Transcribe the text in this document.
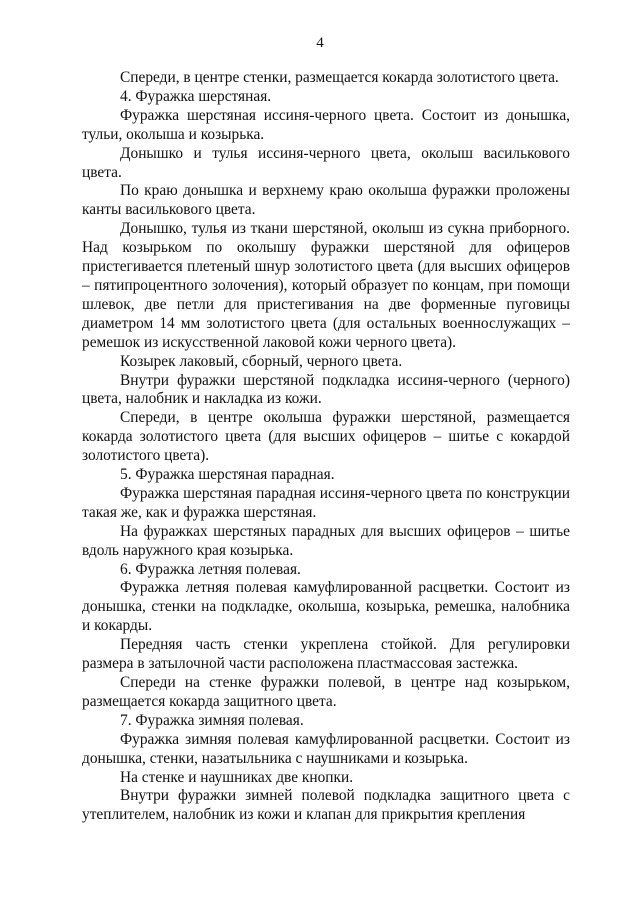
4

Спереди, в центре стенки, размещается кокарда золотистого цвета.

4. Фуражка шерстяная.

Фуражка шерстяная иссиня-черного цвета. Состоит из донышка, тульи, околыша и козырька.

Донышко и тулья иссиня-черного цвета, околыш василькового цвета.

По краю донышка и верхнему краю околыша фуражки проложены канты василькового цвета.

Донышко, тулья из ткани шерстяной, околыш из сукна приборного. Над козырьком по околышу фуражки шерстяной для офицеров пристегивается плетеный шнур золотистого цвета (для высших офицеров – пятипроцентного золочения), который образует по концам, при помощи шлевок, две петли для пристегивания на две форменные пуговицы диаметром 14 мм золотистого цвета (для остальных военнослужащих – ремешок из искусственной лаковой кожи черного цвета).

Козырек лаковый, сборный, черного цвета.

Внутри фуражки шерстяной подкладка иссиня-черного (черного) цвета, налобник и накладка из кожи.

Спереди, в центре околыша фуражки шерстяной, размещается кокарда золотистого цвета (для высших офицеров – шитье с кокардой золотистого цвета).

5. Фуражка шерстяная парадная.

Фуражка шерстяная парадная иссиня-черного цвета по конструкции такая же, как и фуражка шерстяная.

На фуражках шерстяных парадных для высших офицеров – шитье вдоль наружного края козырька.

6. Фуражка летняя полевая.

Фуражка летняя полевая камуфлированной расцветки. Состоит из донышка, стенки на подкладке, околыша, козырька, ремешка, налобника и кокарды.

Передняя часть стенки укреплена стойкой. Для регулировки размера в затылочной части расположена пластмассовая застежка.

Спереди на стенке фуражки полевой, в центре над козырьком, размещается кокарда защитного цвета.

7. Фуражка зимняя полевая.

Фуражка зимняя полевая камуфлированной расцветки. Состоит из донышка, стенки, назатыльника с наушниками и козырька.

На стенке и наушниках две кнопки.

Внутри фуражки зимней полевой подкладка защитного цвета с утеплителем, налобник из кожи и клапан для прикрытия крепления
